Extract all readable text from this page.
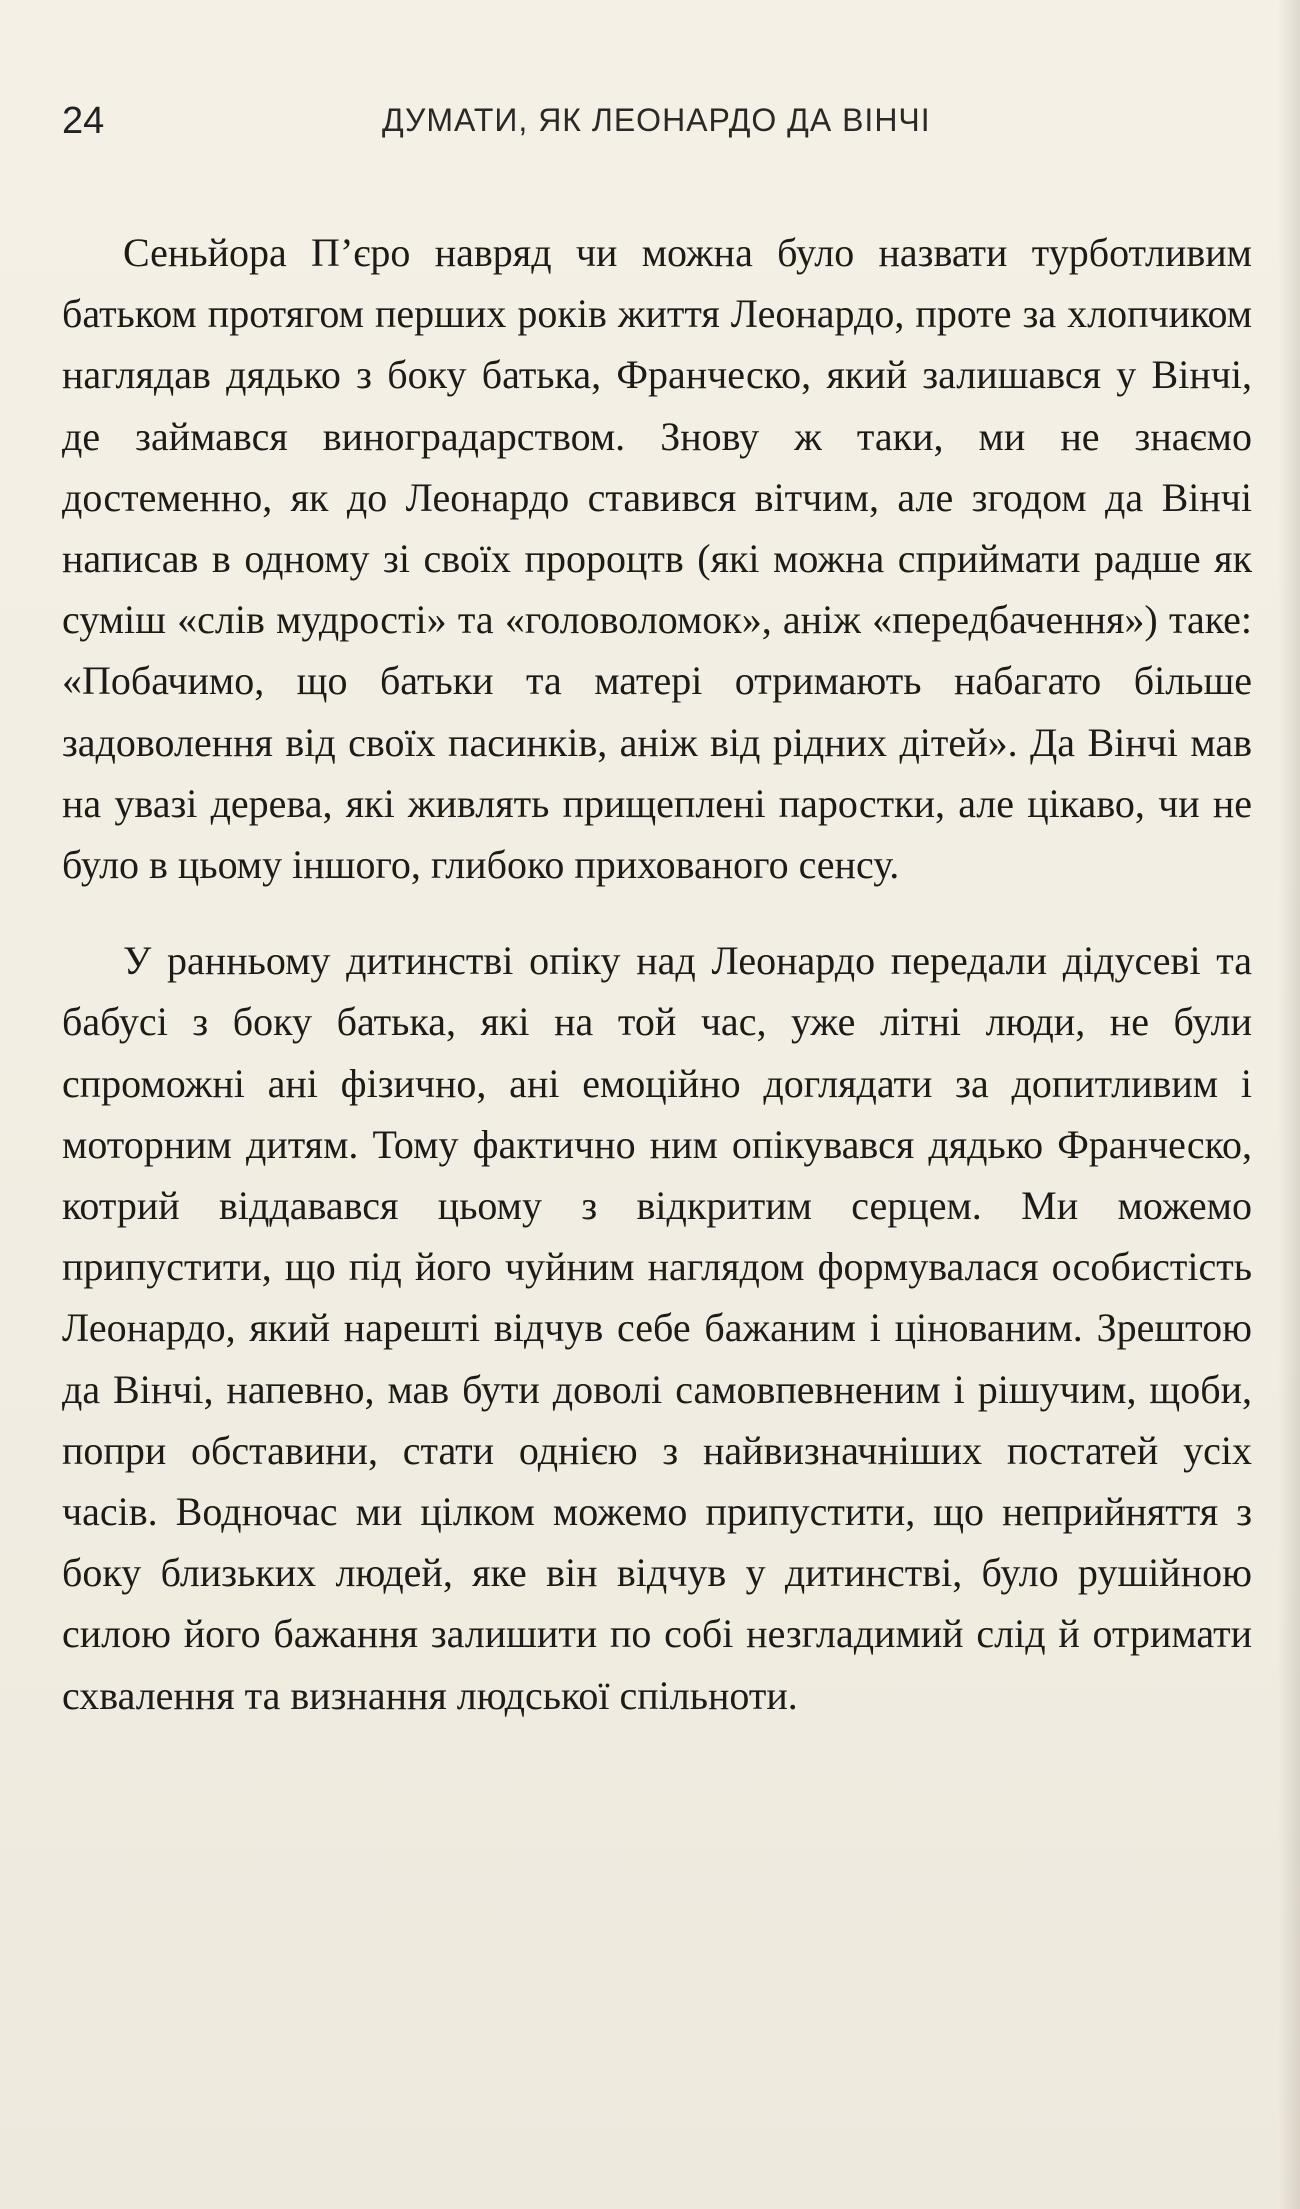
24	ДУМАТИ, ЯК ЛЕОНАРДО ДА ВІНЧІ

Сеньйора П’єро навряд чи можна було назвати турботливим батьком протягом перших років життя Леонардо, проте за хлопчиком наглядав дядько з боку батька, Франческо, який залишався у Вінчі, де займався виноградарством. Знову ж таки, ми не знаємо достеменно, як до Леонардо ставився вітчим, але згодом да Вінчі написав в одному зі своїх пророцтв (які можна сприймати радше як суміш «слів мудрості» та «головоломок», аніж «передбачення») таке: «Побачимо, що батьки та матері отримають набагато більше задоволення від своїх пасинків, аніж від рідних дітей». Да Вінчі мав на увазі дерева, які живлять прищеплені паростки, але цікаво, чи не було в цьому іншого, глибоко прихованого сенсу.

У ранньому дитинстві опіку над Леонардо передали дідусеві та бабусі з боку батька, які на той час, уже літні люди, не були спроможні ані фізично, ані емоційно доглядати за допитливим і моторним дитям. Тому фактично ним опікувався дядько Франческо, котрий віддавався цьому з відкритим серцем. Ми можемо припустити, що під його чуйним наглядом формувалася особистість Леонардо, який нарешті відчув себе бажаним і цінованим. Зрештою да Вінчі, напевно, мав бути доволі самовпевненим і рішучим, щоби, попри обставини, стати однією з найвизначніших постатей усіх часів. Водночас ми цілком можемо припустити, що неприйняття з боку близьких людей, яке він відчув у дитинстві, було рушійною силою його бажання залишити по собі незгладимий слід й отримати схвалення та визнання людської спільноти.
